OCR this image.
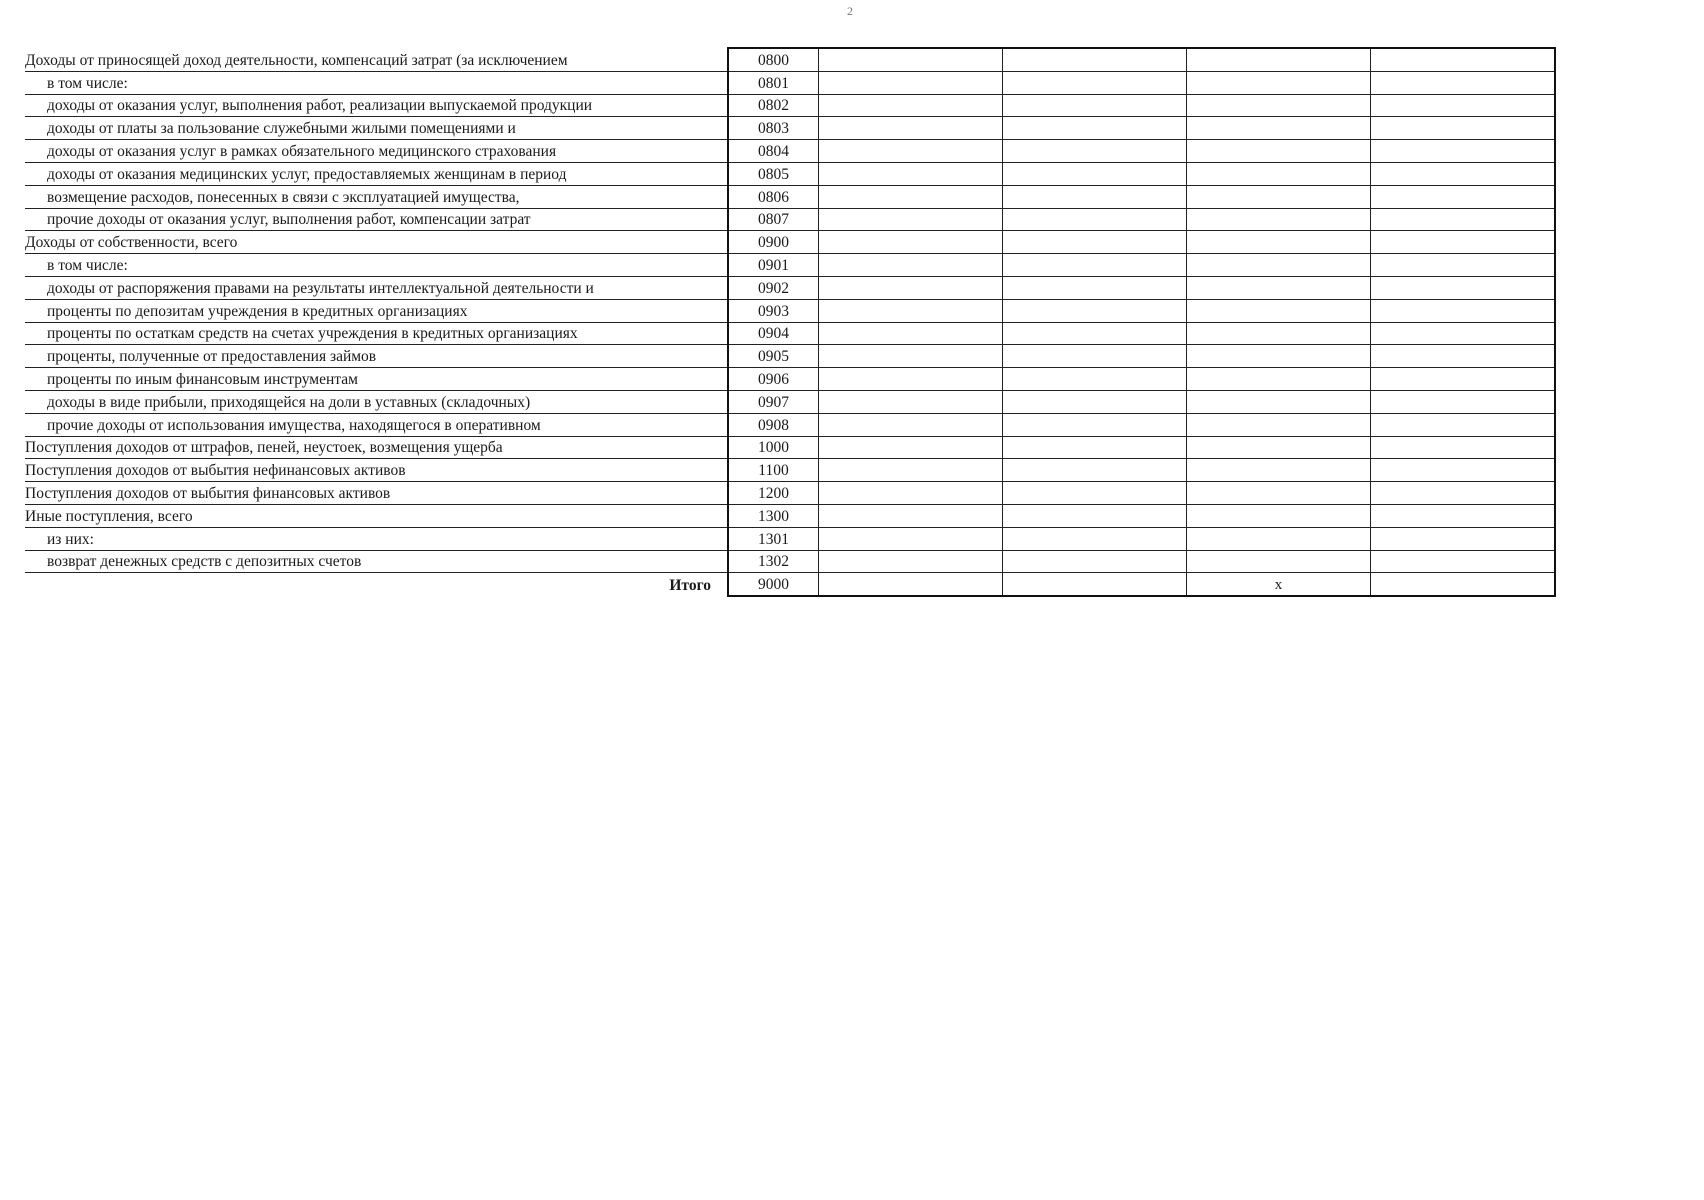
2
Доходы от приносящей доход деятельности, компенсаций затрат (за исключением	0800				
в том числе:	0801				
доходы от оказания услуг, выполнения работ, реализации выпускаемой продукции	0802				
доходы от платы за пользование служебными жилыми помещениями и	0803				
доходы от оказания услуг в рамках обязательного медицинского страхования	0804				
доходы от оказания медицинских услуг, предоставляемых женщинам в период	0805				
возмещение расходов, понесенных в связи с эксплуатацией имущества,	0806				
прочие доходы от оказания услуг, выполнения работ, компенсации затрат	0807				
Доходы от собственности, всего	0900				
в том числе:	0901				
доходы от распоряжения правами на результаты интеллектуальной деятельности и	0902				
проценты по депозитам учреждения в кредитных организациях	0903				
проценты по остаткам средств на счетах учреждения в кредитных организациях	0904				
проценты, полученные от предоставления займов	0905				
проценты по иным финансовым инструментам	0906				
доходы в виде прибыли, приходящейся на доли в уставных (складочных)	0907				
прочие доходы от использования имущества, находящегося в оперативном	0908				
Поступления доходов от штрафов, пеней, неустоек, возмещения ущерба	1000				
Поступления доходов от выбытия нефинансовых активов	1100				
Поступления доходов от выбытия финансовых активов	1200				
Иные поступления, всего	1300				
из них:	1301				
возврат денежных средств с депозитных счетов	1302				
Итого	9000			x	
